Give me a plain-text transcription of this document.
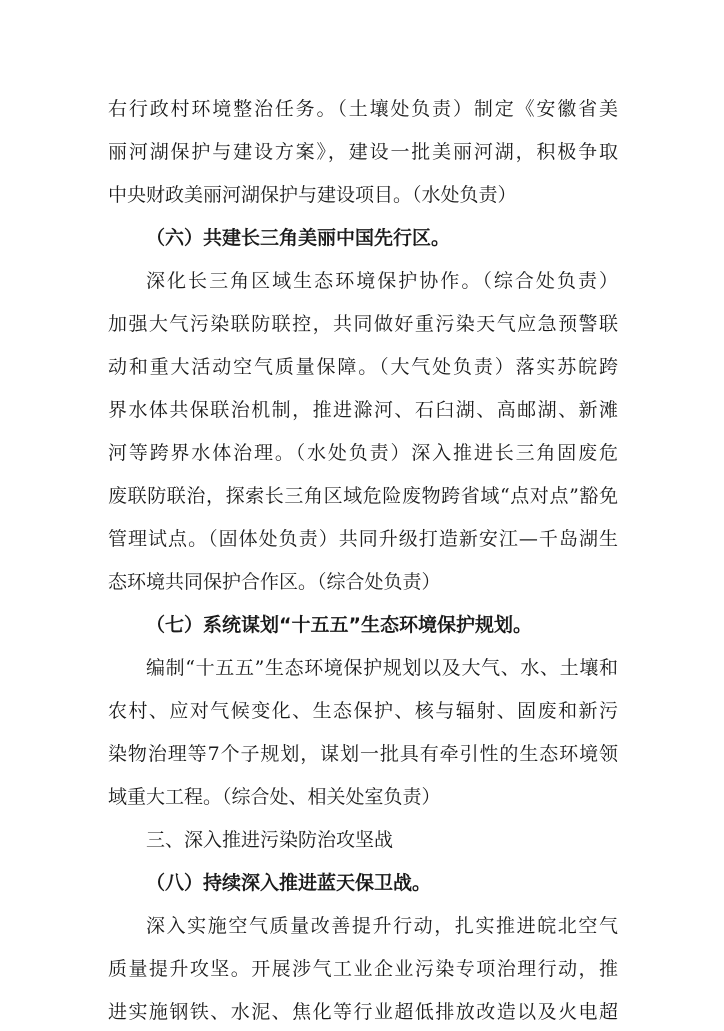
右行政村环境整治任务。（土壤处负责）制定《安徽省美
丽河湖保护与建设方案》，建设一批美丽河湖，积极争取
中央财政美丽河湖保护与建设项目。（水处负责）
（六）共建长三角美丽中国先行区。
深化长三角区域生态环境保护协作。（综合处负责）
加强大气污染联防联控，共同做好重污染天气应急预警联
动和重大活动空气质量保障。（大气处负责）落实苏皖跨
界水体共保联治机制，推进滁河、石臼湖、高邮湖、新滩
河等跨界水体治理。（水处负责）深入推进长三角固废危
废联防联治，探索长三角区域危险废物跨省域“点对点”豁免
管理试点。（固体处负责）共同升级打造新安江—千岛湖生
态环境共同保护合作区。（综合处负责）
（七）系统谋划“十五五”生态环境保护规划。
编制“十五五”生态环境保护规划以及大气、水、土壤和
农村、应对气候变化、生态保护、核与辐射、固废和新污
染物治理等7个子规划，谋划一批具有牵引性的生态环境领
域重大工程。（综合处、相关处室负责）
三、深入推进污染防治攻坚战
（八）持续深入推进蓝天保卫战。
深入实施空气质量改善提升行动，扎实推进皖北空气
质量提升攻坚。开展涉气工业企业污染专项治理行动，推
进实施钢铁、水泥、焦化等行业超低排放改造以及火电超
